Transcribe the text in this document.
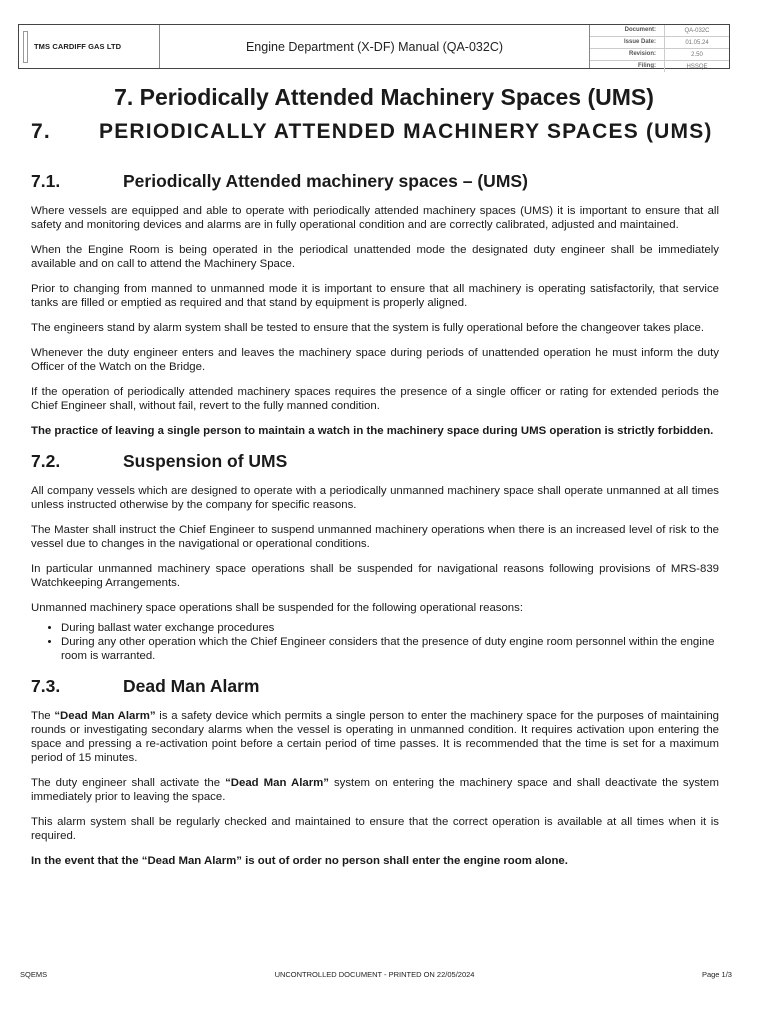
TMS CARDIFF GAS LTD	Engine Department (X-DF) Manual (QA-032C)
Document:	QA-032C
Issue Date:	01.05.24
Revision:	2.50
Filing:	HSSQE
7. Periodically Attended Machinery Spaces (UMS)
7. PERIODICALLY ATTENDED MACHINERY SPACES (UMS)
7.1.	Periodically Attended machinery spaces – (UMS)

Where vessels are equipped and able to operate with periodically attended machinery spaces (UMS) it is important to ensure that all safety and monitoring devices and alarms are in fully operational condition and are correctly calibrated, adjusted and maintained.

When the Engine Room is being operated in the periodical unattended mode the designated duty engineer shall be immediately available and on call to attend the Machinery Space.

Prior to changing from manned to unmanned mode it is important to ensure that all machinery is operating satisfactorily, that service tanks are filled or emptied as required and that stand by equipment is properly aligned.

The engineers stand by alarm system shall be tested to ensure that the system is fully operational before the changeover takes place.

Whenever the duty engineer enters and leaves the machinery space during periods of unattended operation he must inform the duty Officer of the Watch on the Bridge.

If the operation of periodically attended machinery spaces requires the presence of a single officer or rating for extended periods the Chief Engineer shall, without fail, revert to the fully manned condition.

The practice of leaving a single person to maintain a watch in the machinery space during UMS operation is strictly forbidden.

7.2.	Suspension of UMS

All company vessels which are designed to operate with a periodically unmanned machinery space shall operate unmanned at all times unless instructed otherwise by the company for specific reasons.

The Master shall instruct the Chief Engineer to suspend unmanned machinery operations when there is an increased level of risk to the vessel due to changes in the navigational or operational conditions.

In particular unmanned machinery space operations shall be suspended for navigational reasons following provisions of MRS-839 Watchkeeping Arrangements.

Unmanned machinery space operations shall be suspended for the following operational reasons:

• During ballast water exchange procedures
• During any other operation which the Chief Engineer considers that the presence of duty engine room personnel within the engine room is warranted.
7.3.	Dead Man Alarm

The “Dead Man Alarm” is a safety device which permits a single person to enter the machinery space for the purposes of maintaining rounds or investigating secondary alarms when the vessel is operating in unmanned condition. It requires activation upon entering the space and pressing a re-activation point before a certain period of time passes. It is recommended that the time is set for a maximum period of 15 minutes.

The duty engineer shall activate the “Dead Man Alarm” system on entering the machinery space and shall deactivate the system immediately prior to leaving the space.

This alarm system shall be regularly checked and maintained to ensure that the correct operation is available at all times when it is required.

In the event that the “Dead Man Alarm” is out of order no person shall enter the engine room alone.

SQEMS	UNCONTROLLED DOCUMENT - PRINTED ON 22/05/2024	Page 1/3
